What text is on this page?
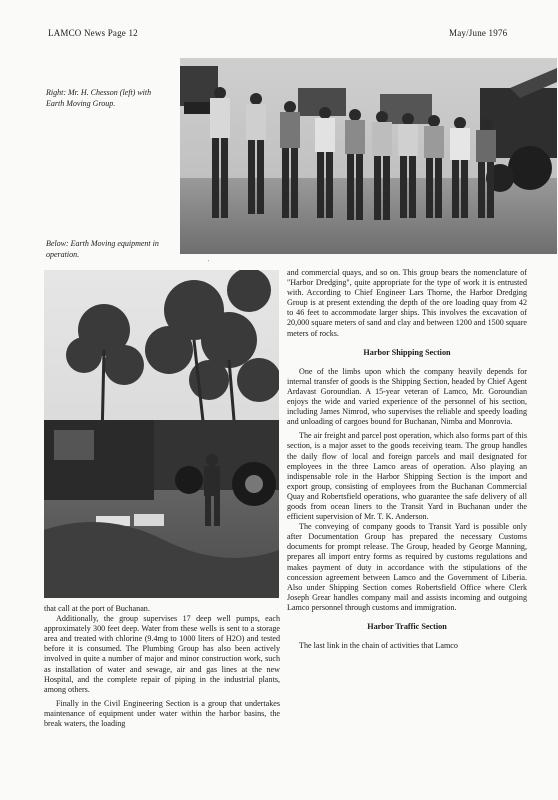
LAMCO News Page 12	May/June 1976
Right: Mr. H. Chesson (left) with Earth Moving Group.
Below: Earth Moving equipment in operation.
'

that call at the port of Buchanan.

Additionally, the group supervises 17 deep well pumps, each approximately 300 feet deep. Water from these wells is sent to a storage area and treated with chlorine (9.4mg to 1000 liters of H2O) and tested before it is consumed. The Plumbing Group has also been actively involved in quite a number of major and minor construction work, such as installation of water and sewage, air and gas lines at the new Hospital, and the complete repair of piping in the industrial plants, among others.

Finally in the Civil Engineering Section is a group that undertakes maintenance of equipment under water within the harbor basins, the break waters, the loading

and commercial quays, and so on. This group bears the nomenclature of "Harbor Dredging", quite appropriate for the type of work it is entrusted with. According to Chief Engineer Lars Thorne, the Harbor Dredging Group is at present extending the depth of the ore loading quay from 42 to 46 feet to accommodate larger ships. This involves the excavation of 20,000 square meters of sand and clay and between 1200 and 1500 square meters of rocks.

Harbor Shipping Section

One of the limbs upon which the company heavily depends for internal transfer of goods is the Shipping Section, headed by Chief Agent Ardavast Goroundian. A 15-year veteran of Lamco, Mr. Goroundian enjoys the wide and varied experience of the personnel of his section, including James Nimrod, who supervises the reliable and speedy loading and unloading of cargoes bound for Buchanan, Nimba and Monrovia.

The air freight and parcel post operation, which also forms part of this section, is a major asset to the goods receiving team. The group handles the daily flow of local and foreign parcels and mail designated for employees in the three Lamco areas of operation. Also playing an indispensable role in the Harbor Shipping Section is the import and export group, consisting of employees from the Buchanan Commercial Quay and Robertsfield operations, who guarantee the safe delivery of all goods from ocean liners to the Transit Yard in Buchanan under the efficient supervision of Mr. T. K. Anderson.

The conveying of company goods to Transit Yard is possible only after Documentation Group has prepared the necessary Customs documents for prompt release. The Group, headed by George Manning, prepares all import entry forms as required by customs regulations and makes payment of duty in accordance with the stipulations of the concession agreement between Lamco and the Government of Liberia. Also under Shipping Section comes Robertsfield Office where Clerk Joseph Grear handles company mail and assists incoming and outgoing Lamco personnel through customs and immigration.

Harbor Traffic Section

The last link in the chain of activities that Lamco
